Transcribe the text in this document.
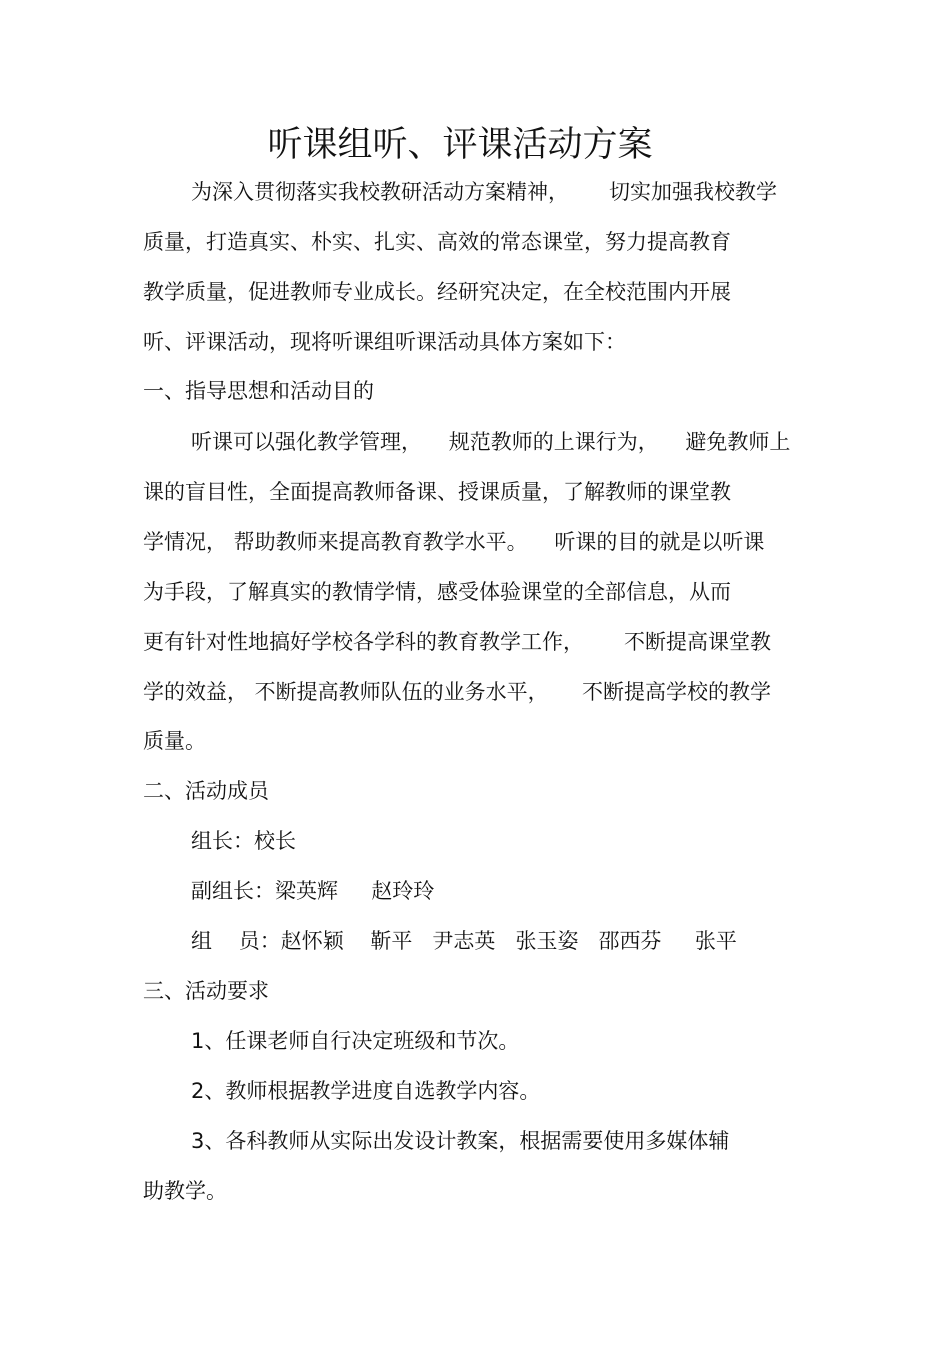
听课组听、评课活动方案
为深入贯彻落实我校教研活动方案精神，      切实加强我校教学
质量，打造真实、朴实、扎实、高效的常态课堂，努力提高教育
教学质量，促进教师专业成长。经研究决定，在全校范围内开展
听、评课活动，现将听课组听课活动具体方案如下：
一、指导思想和活动目的
听课可以强化教学管理，    规范教师的上课行为，    避免教师上
课的盲目性，全面提高教师备课、授课质量，了解教师的课堂教
学情况， 帮助教师来提高教育教学水平。    听课的目的就是以听课
为手段，了解真实的教情学情，感受体验课堂的全部信息，从而
更有针对性地搞好学校各学科的教育教学工作，      不断提高课堂教
学的效益， 不断提高教师队伍的业务水平，     不断提高学校的教学
质量。
二、活动成员
组长：校长
副组长：梁英辉     赵玲玲
组    员：赵怀颖    靳平   尹志英   张玉姿   邵西芬     张平
三、活动要求
1、任课老师自行决定班级和节次。
2、教师根据教学进度自选教学内容。
3、各科教师从实际出发设计教案，根据需要使用多媒体辅
助教学。
